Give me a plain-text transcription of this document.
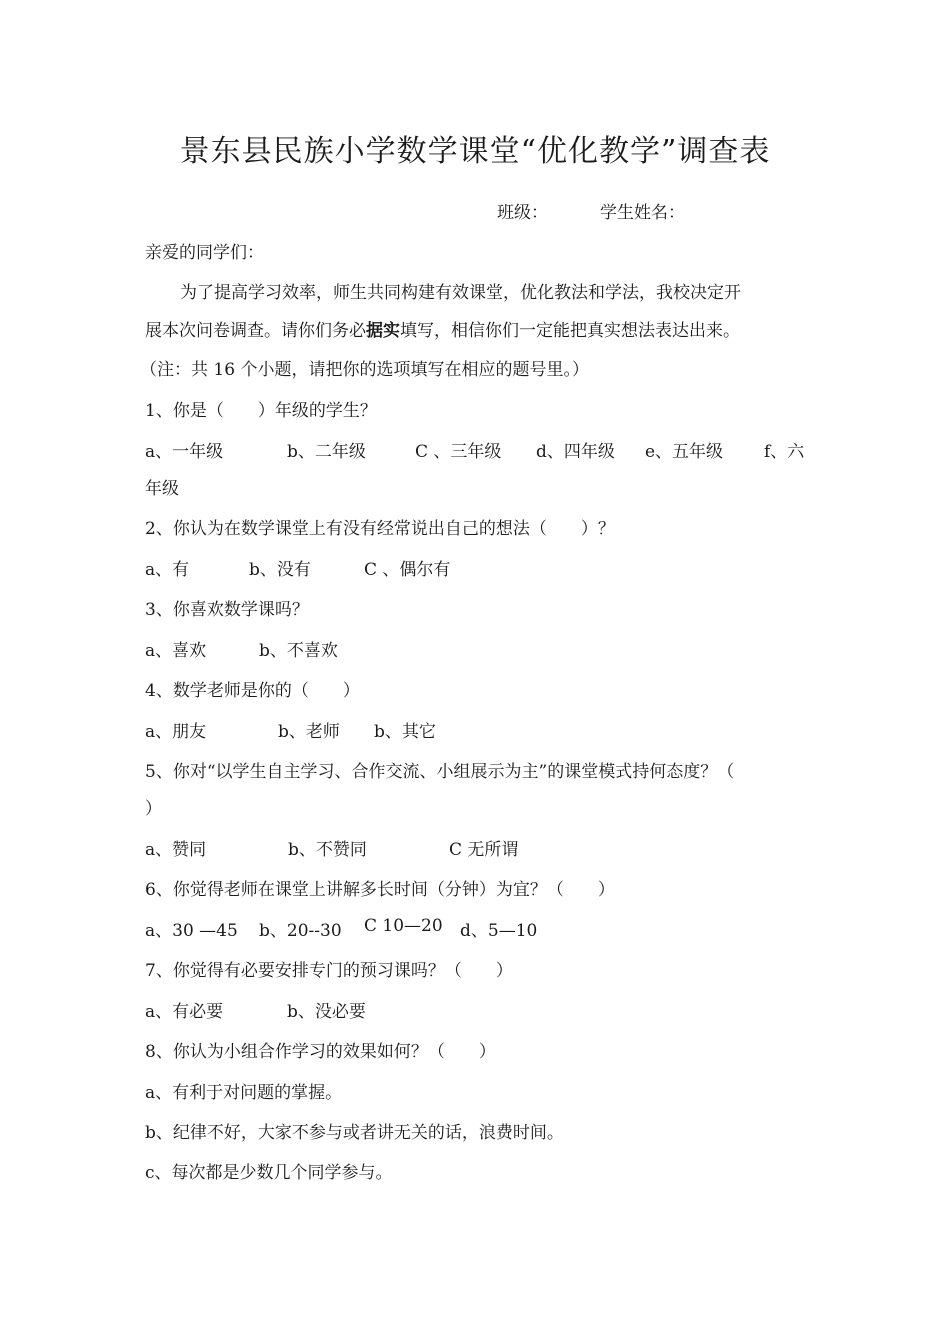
景东县民族小学数学课堂“优化教学”调查表
班级：	学生姓名：
亲爱的同学们：
为了提高学习效率，师生共同构建有效课堂，优化教法和学法，我校决定开
展本次问卷调查。请你们务必据实填写，相信你们一定能把真实想法表达出来。
（注：共 16 个小题，请把你的选项填写在相应的题号里。）
1、你是（　　）年级的学生？
a、一年级	b、二年级	C 、三年级 d、四年级 e、五年级 f、六
年级
2、你认为在数学课堂上有没有经常说出自己的想法（　　）？
a、有	b、没有	C 、偶尔有
3、你喜欢数学课吗？
a、喜欢	b、不喜欢
4、数学老师是你的（　　）
a、朋友	b、老师 b、其它
5、你对“以学生自主学习、合作交流、小组展示为主”的课堂模式持何态度？（
）
a、赞同	b、不赞同	C 无所谓
6、你觉得老师在课堂上讲解多长时间（分钟）为宜？（　　）
a、30 —45 b、20--30 C 10—20 d、5—10
7、你觉得有必要安排专门的预习课吗？（　　）
a、有必要	b、没必要
8、你认为小组合作学习的效果如何？（　　）
a、有利于对问题的掌握。
b、纪律不好，大家不参与或者讲无关的话，浪费时间。
c、每次都是少数几个同学参与。
